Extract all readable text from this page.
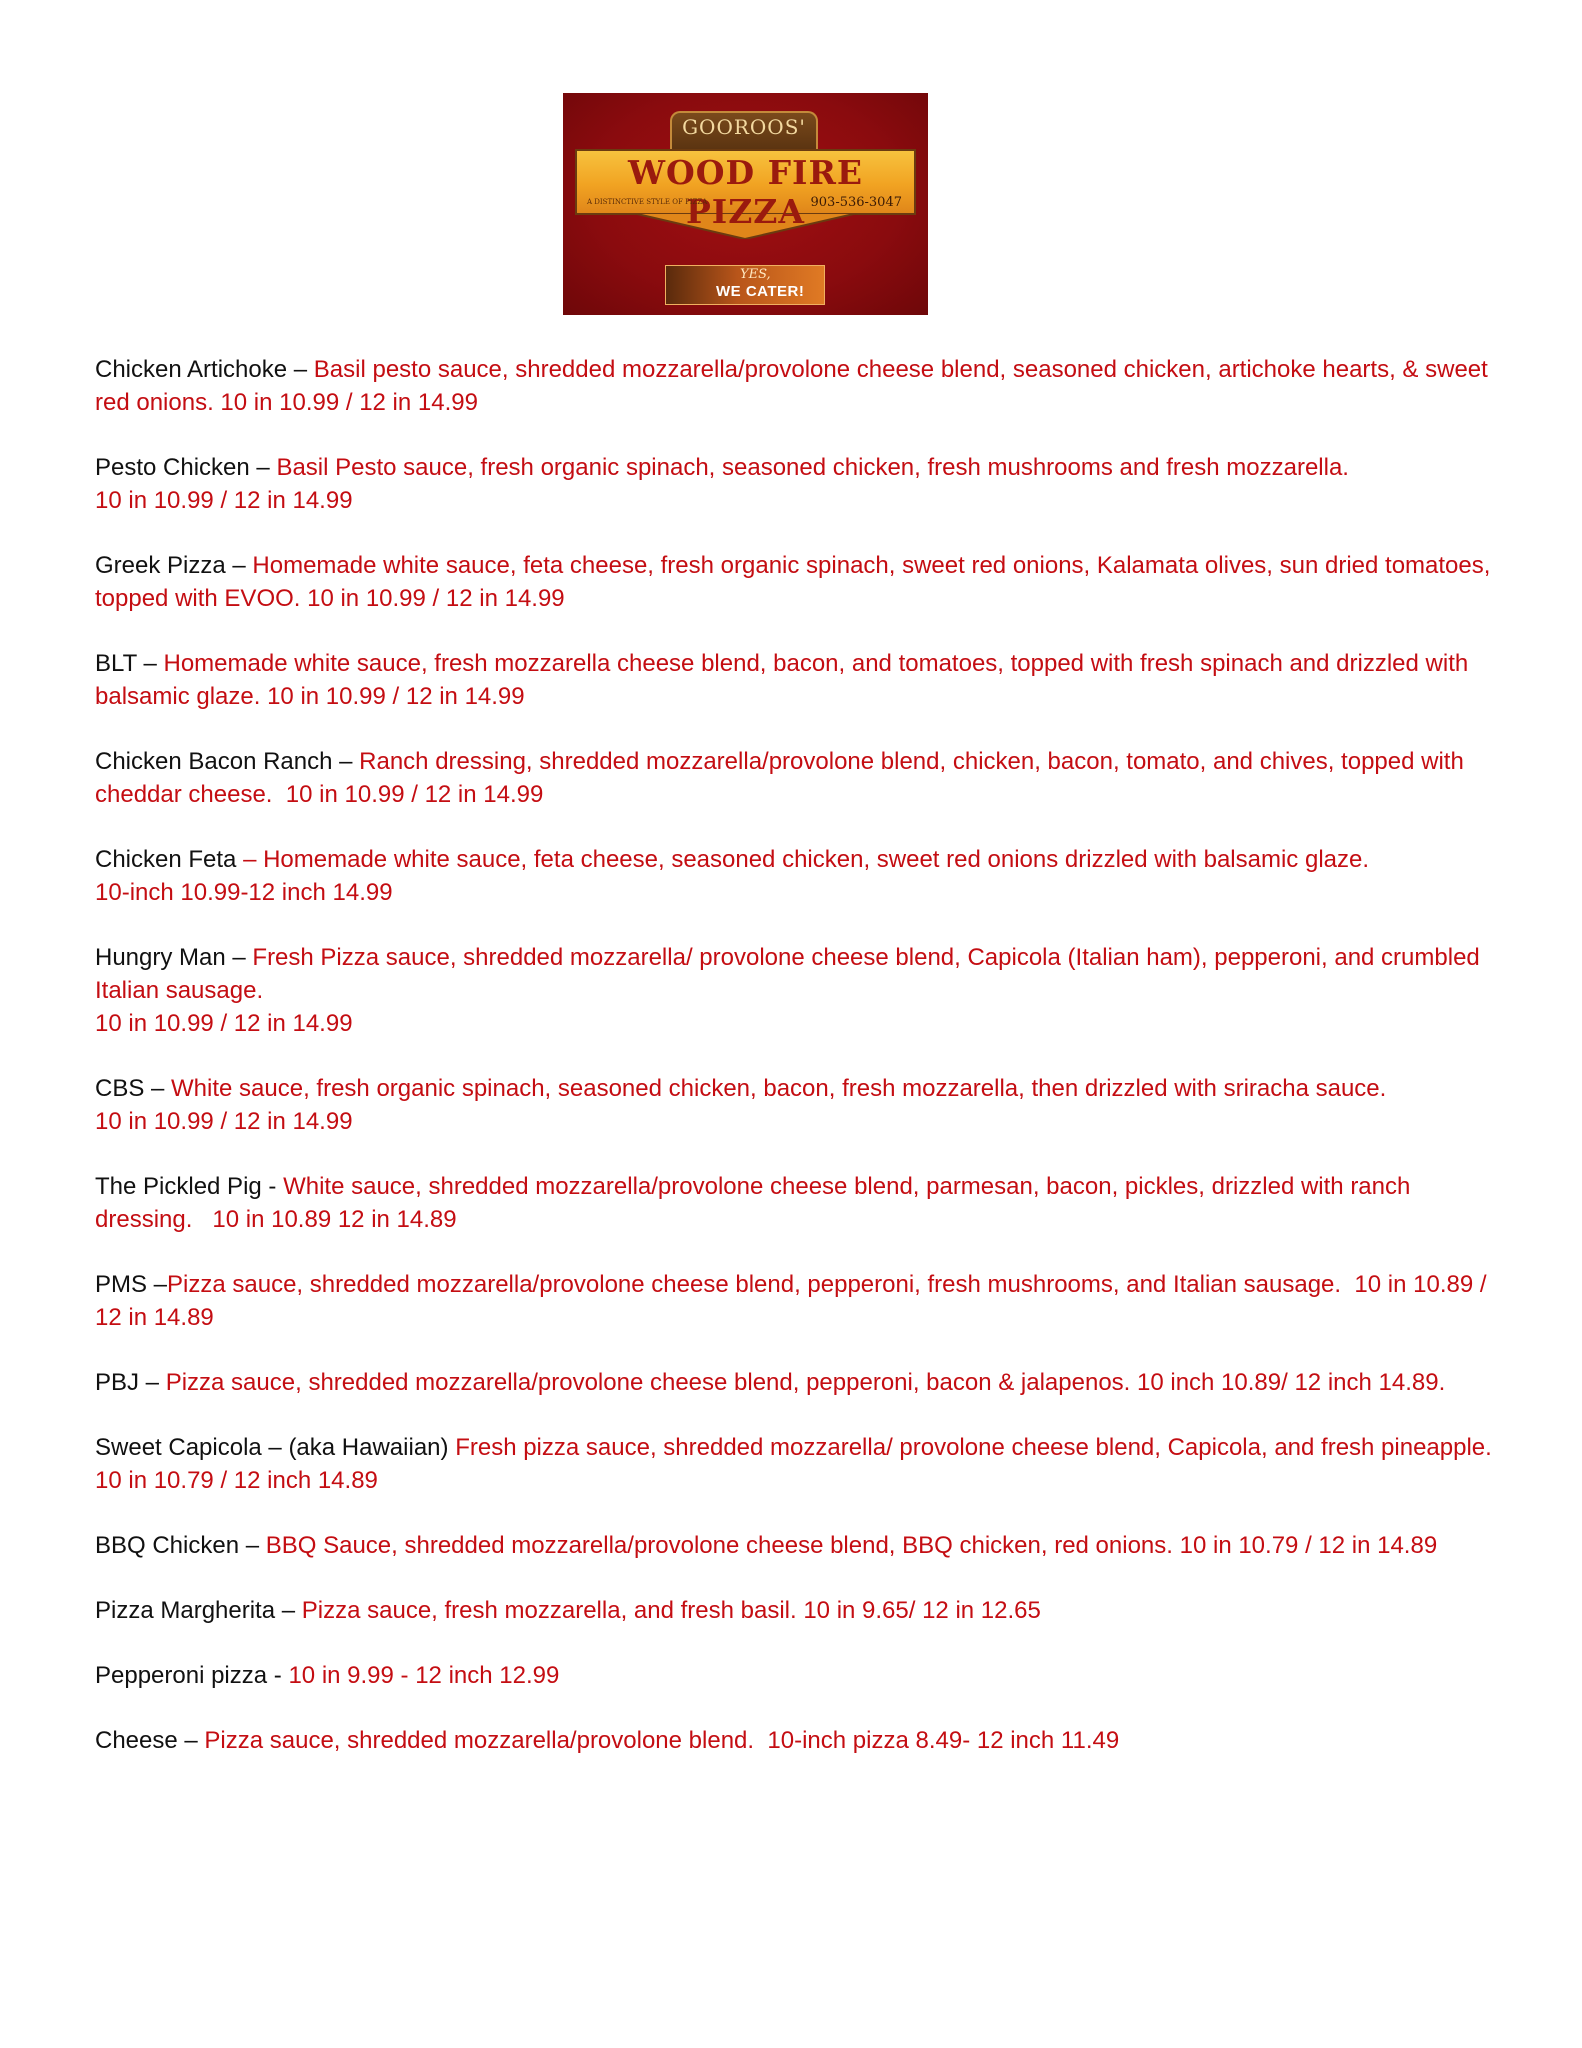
GOOROOS'
WOOD FIRE PIZZA
A DISTINCTIVE STYLE OF PIZZA	903-536-3047
YES,
WE CATER!
Chicken Artichoke – Basil pesto sauce, shredded mozzarella/provolone cheese blend, seasoned chicken, artichoke hearts, & sweet red onions. 10 in 10.99 / 12 in 14.99
Pesto Chicken – Basil Pesto sauce, fresh organic spinach, seasoned chicken, fresh mushrooms and fresh mozzarella.
10 in 10.99 / 12 in 14.99
Greek Pizza – Homemade white sauce, feta cheese, fresh organic spinach, sweet red onions, Kalamata olives, sun dried tomatoes, topped with EVOO. 10 in 10.99 / 12 in 14.99
BLT – Homemade white sauce, fresh mozzarella cheese blend, bacon, and tomatoes, topped with fresh spinach and drizzled with balsamic glaze. 10 in 10.99 / 12 in 14.99
Chicken Bacon Ranch – Ranch dressing, shredded mozzarella/provolone blend, chicken, bacon, tomato, and chives, topped with cheddar cheese.  10 in 10.99 / 12 in 14.99
Chicken Feta – Homemade white sauce, feta cheese, seasoned chicken, sweet red onions drizzled with balsamic glaze.
10-inch 10.99-12 inch 14.99
Hungry Man – Fresh Pizza sauce, shredded mozzarella/ provolone cheese blend, Capicola (Italian ham), pepperoni, and crumbled Italian sausage.
10 in 10.99 / 12 in 14.99
CBS – White sauce, fresh organic spinach, seasoned chicken, bacon, fresh mozzarella, then drizzled with sriracha sauce.
10 in 10.99 / 12 in 14.99
The Pickled Pig - White sauce, shredded mozzarella/provolone cheese blend, parmesan, bacon, pickles, drizzled with ranch dressing.   10 in 10.89 12 in 14.89
PMS –Pizza sauce, shredded mozzarella/provolone cheese blend, pepperoni, fresh mushrooms, and Italian sausage.  10 in 10.89 / 12 in 14.89
PBJ – Pizza sauce, shredded mozzarella/provolone cheese blend, pepperoni, bacon & jalapenos. 10 inch 10.89/ 12 inch 14.89.
Sweet Capicola – (aka Hawaiian) Fresh pizza sauce, shredded mozzarella/ provolone cheese blend, Capicola, and fresh pineapple.  10 in 10.79 / 12 inch 14.89
BBQ Chicken – BBQ Sauce, shredded mozzarella/provolone cheese blend, BBQ chicken, red onions. 10 in 10.79 / 12 in 14.89
Pizza Margherita – Pizza sauce, fresh mozzarella, and fresh basil. 10 in 9.65/ 12 in 12.65
Pepperoni pizza - 10 in 9.99 - 12 inch 12.99
Cheese – Pizza sauce, shredded mozzarella/provolone blend.  10-inch pizza 8.49- 12 inch 11.49
